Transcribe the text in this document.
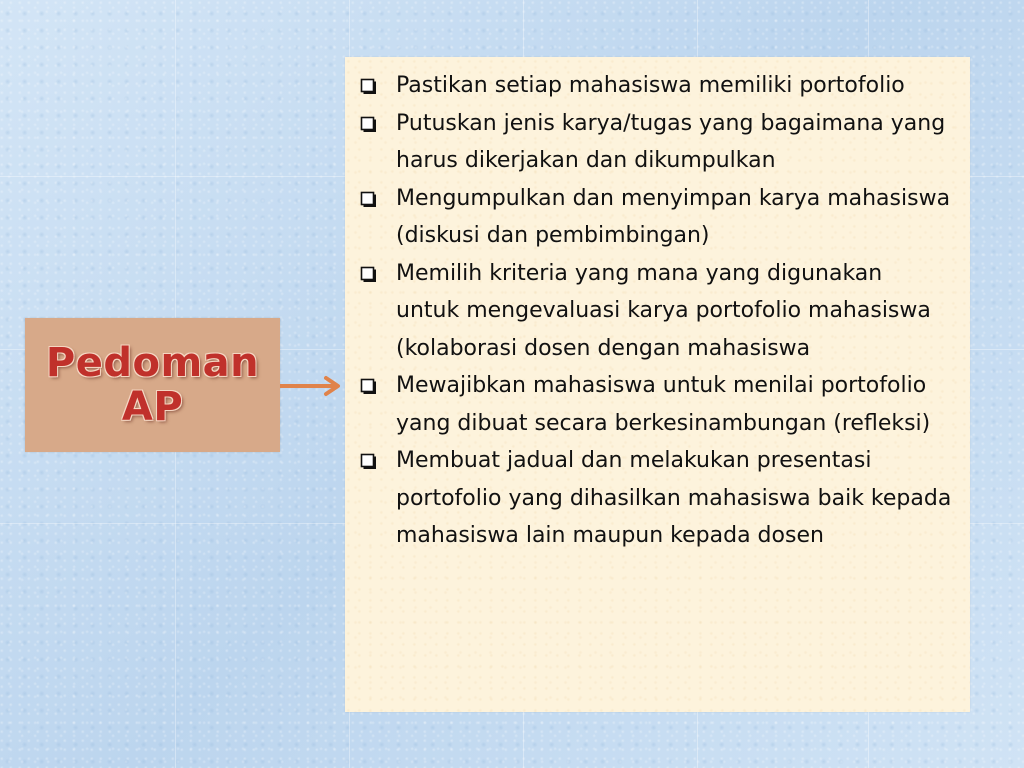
Pedoman
AP
Pastikan setiap mahasiswa memiliki portofolio
Putuskan jenis karya/tugas yang bagaimana yang harus dikerjakan dan dikumpulkan
Mengumpulkan dan menyimpan karya mahasiswa (diskusi dan pembimbingan)
Memilih kriteria yang mana yang digunakan untuk mengevaluasi karya portofolio mahasiswa (kolaborasi dosen dengan mahasiswa
Mewajibkan mahasiswa untuk menilai portofolio yang dibuat secara berkesinambungan (refleksi)
Membuat jadual dan melakukan presentasi portofolio yang dihasilkan mahasiswa baik kepada mahasiswa lain maupun kepada dosen
